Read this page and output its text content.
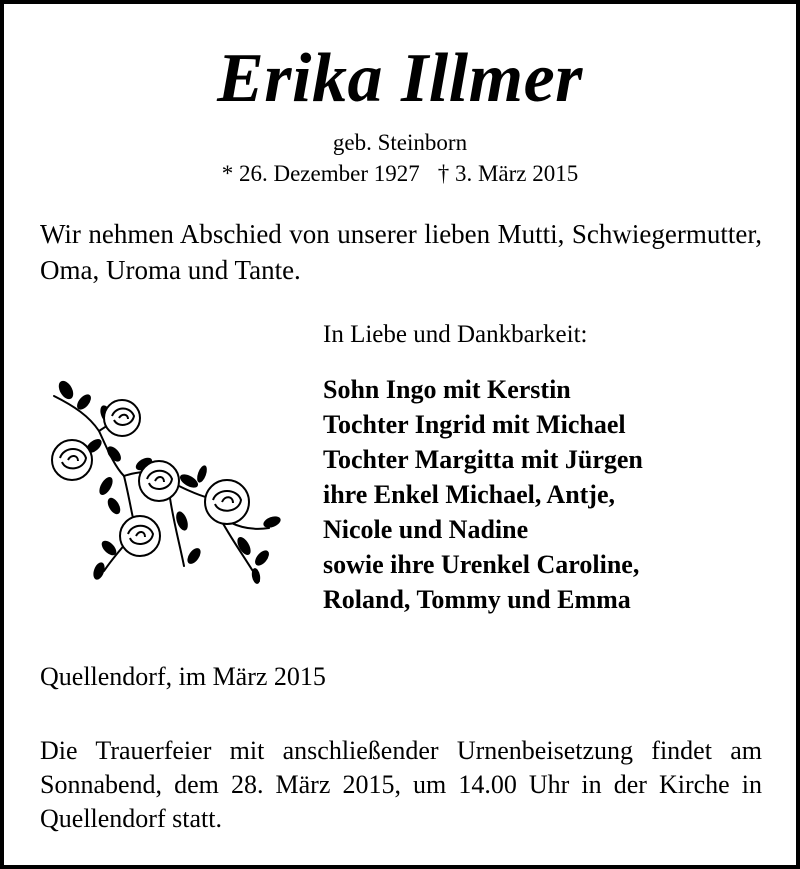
Erika Illmer
geb. Steinborn
* 26. Dezember 1927 † 3. März 2015
Wir nehmen Abschied von unserer lieben Mutti, Schwiegermutter, Oma, Uroma und Tante.
In Liebe und Dankbarkeit:
Sohn Ingo mit Kerstin
Tochter Ingrid mit Michael
Tochter Margitta mit Jürgen
ihre Enkel Michael, Antje,
Nicole und Nadine
sowie ihre Urenkel Caroline,
Roland, Tommy und Emma
Quellendorf, im März 2015
Die Trauerfeier mit anschließender Urnenbeisetzung findet am Sonnabend, dem 28. März 2015, um 14.00 Uhr in der Kirche in Quellendorf statt.
